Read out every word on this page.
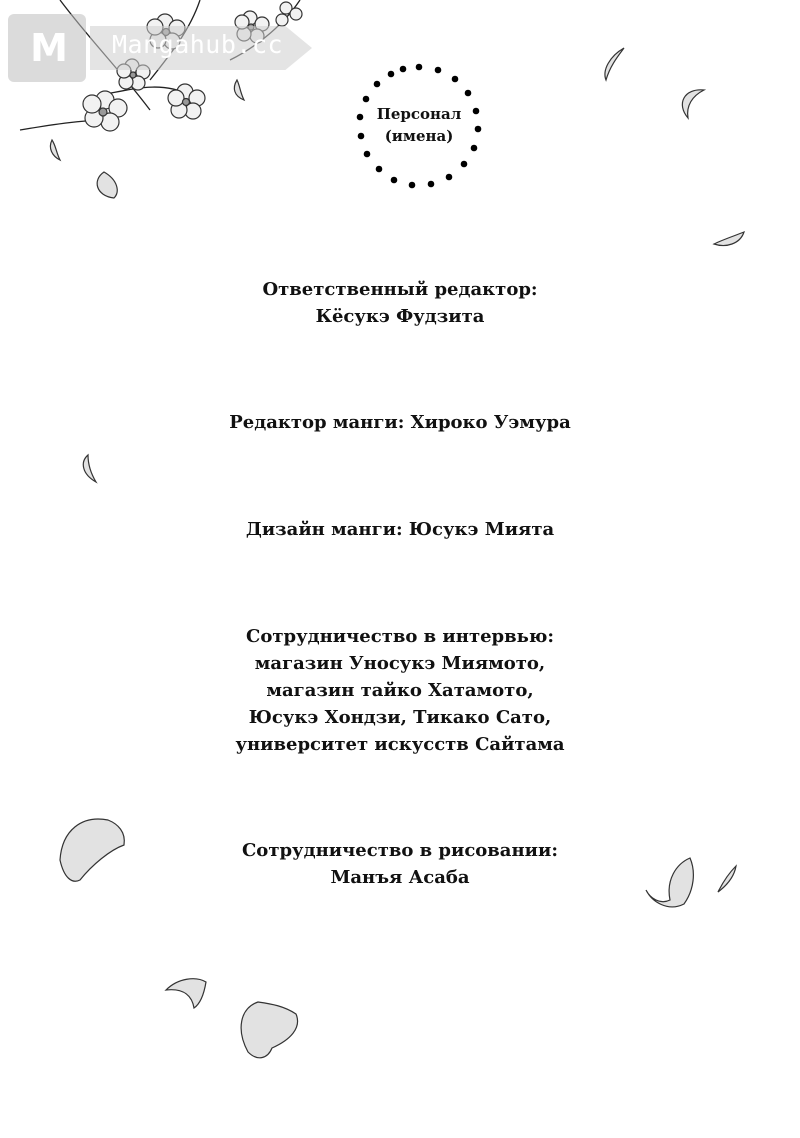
M	Mangahub.cc
Персонал
(имена)
Ответственный редактор:
Кёсукэ Фудзита
Редактор манги: Хироко Уэмура
Дизайн манги: Юсукэ Мията
Сотрудничество в интервью:
магазин Уносукэ Миямото,
магазин тайко Хатамото,
Юсукэ Хондзи, Тикако Сато,
университет искусств Сайтама
Сотрудничество в рисовании:
Манъя Асаба
